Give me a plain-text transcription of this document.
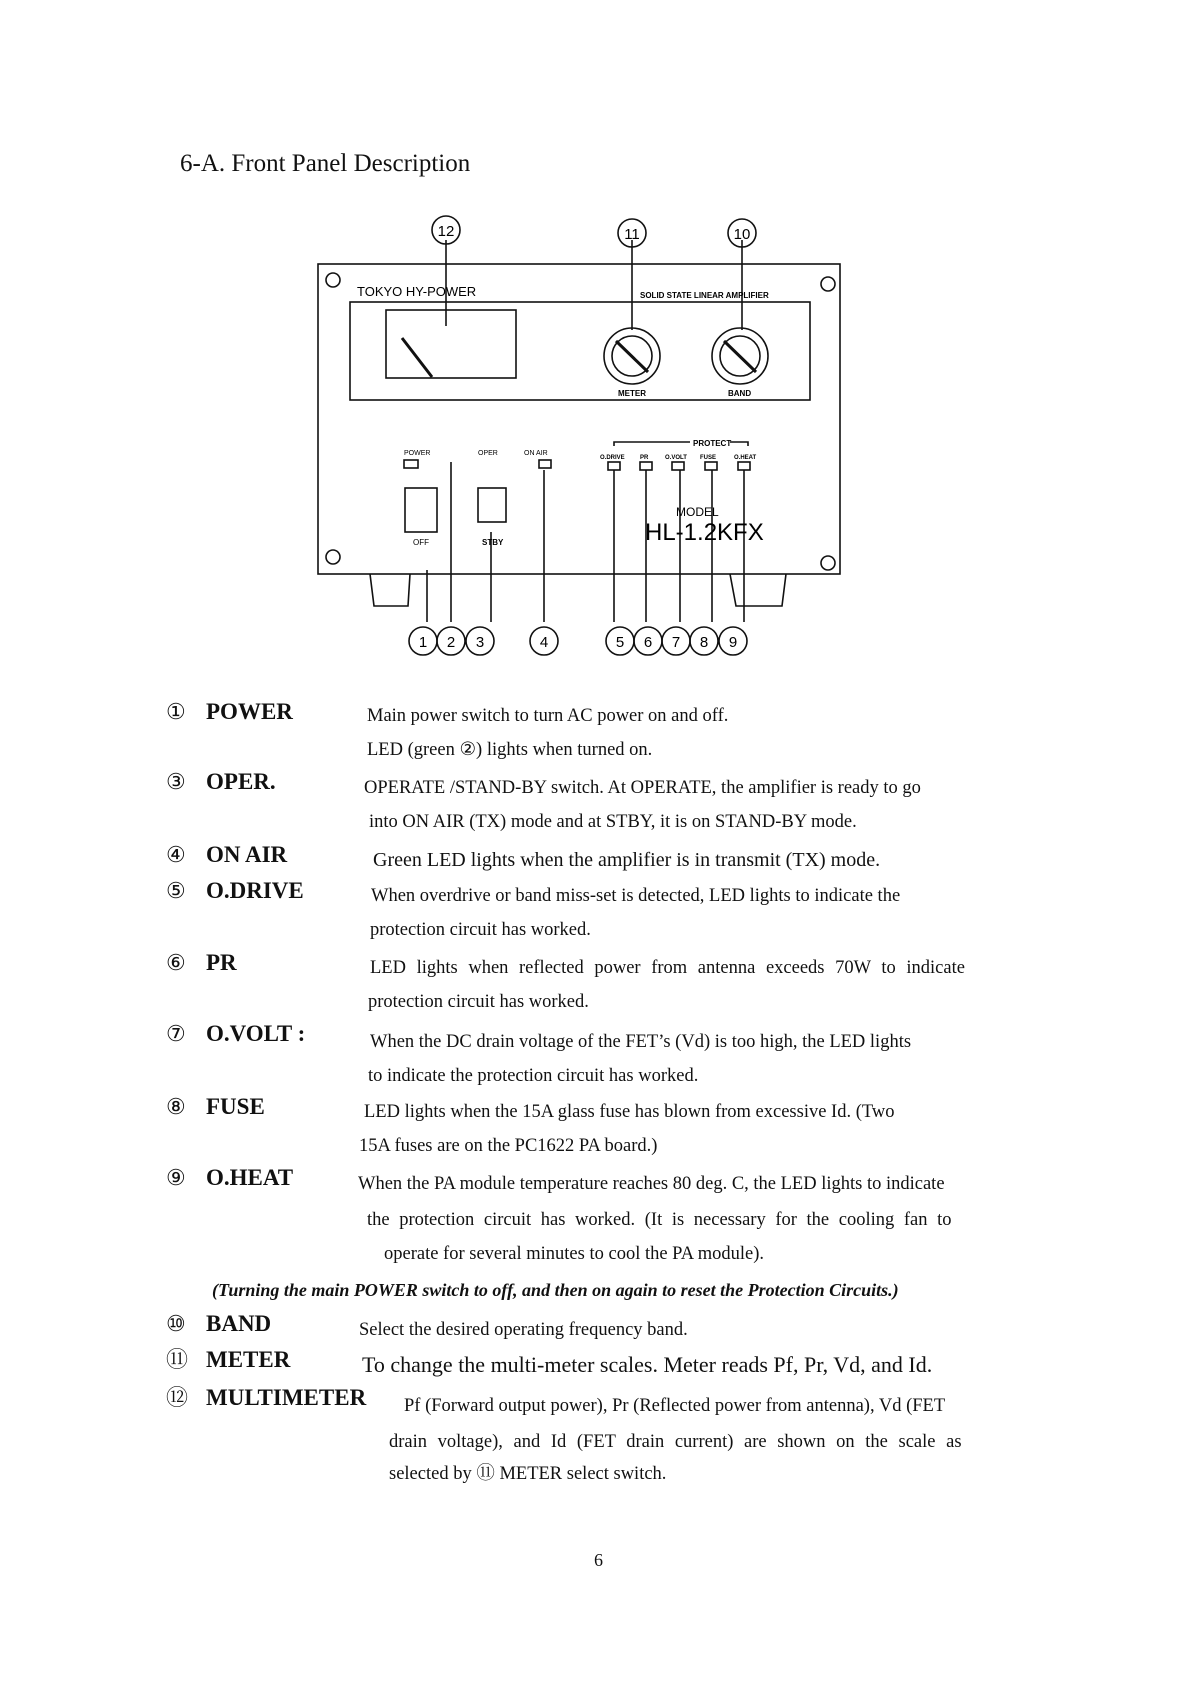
6-A. Front Panel Description
TOKYO HY-POWER	SOLID STATE LINEAR AMPLIFIER
METER	BAND
PROTECT
POWER	OPER	ON AIR
O.DRIVE	PR	O.VOLT FUSE	O.HEAT
OFF	STBY
MODEL
HL-1.2KFX
12	11	10
1 2 3	4	5 6 7 8 9
① POWER	Main power switch to turn AC power on and off.
LED (green ②) lights when turned on.
③ OPER.	OPERATE /STAND-BY switch. At OPERATE, the amplifier is ready to go
into ON AIR (TX) mode and at STBY, it is on STAND-BY mode.
④ ON AIR	Green LED lights when the amplifier is in transmit (TX) mode.
⑤ O.DRIVE	When overdrive or band miss-set is detected, LED lights to indicate the
protection circuit has worked.
⑥ PR	LED lights when reflected power from antenna exceeds 70W to indicate
protection circuit has worked.
⑦ O.VOLT :	When the DC drain voltage of the FET’s (Vd) is too high, the LED lights
to indicate the protection circuit has worked.
⑧ FUSE	LED lights when the 15A glass fuse has blown from excessive Id. (Two
15A fuses are on the PC1622 PA board.)
⑨ O.HEAT	When the PA module temperature reaches 80 deg. C, the LED lights to indicate
the protection circuit has worked. (It is necessary for the cooling fan to
operate for several minutes to cool the PA module).
(Turning the main POWER switch to off, and then on again to reset the Protection Circuits.)
⑩ BAND	Select the desired operating frequency band.
⑪ METER	To change the multi-meter scales. Meter reads Pf, Pr, Vd, and Id.
⑫ MULTIMETER Pf (Forward output power), Pr (Reflected power from antenna), Vd (FET
drain voltage), and Id (FET drain current) are shown on the scale as
selected by ⑪ METER select switch.
6
